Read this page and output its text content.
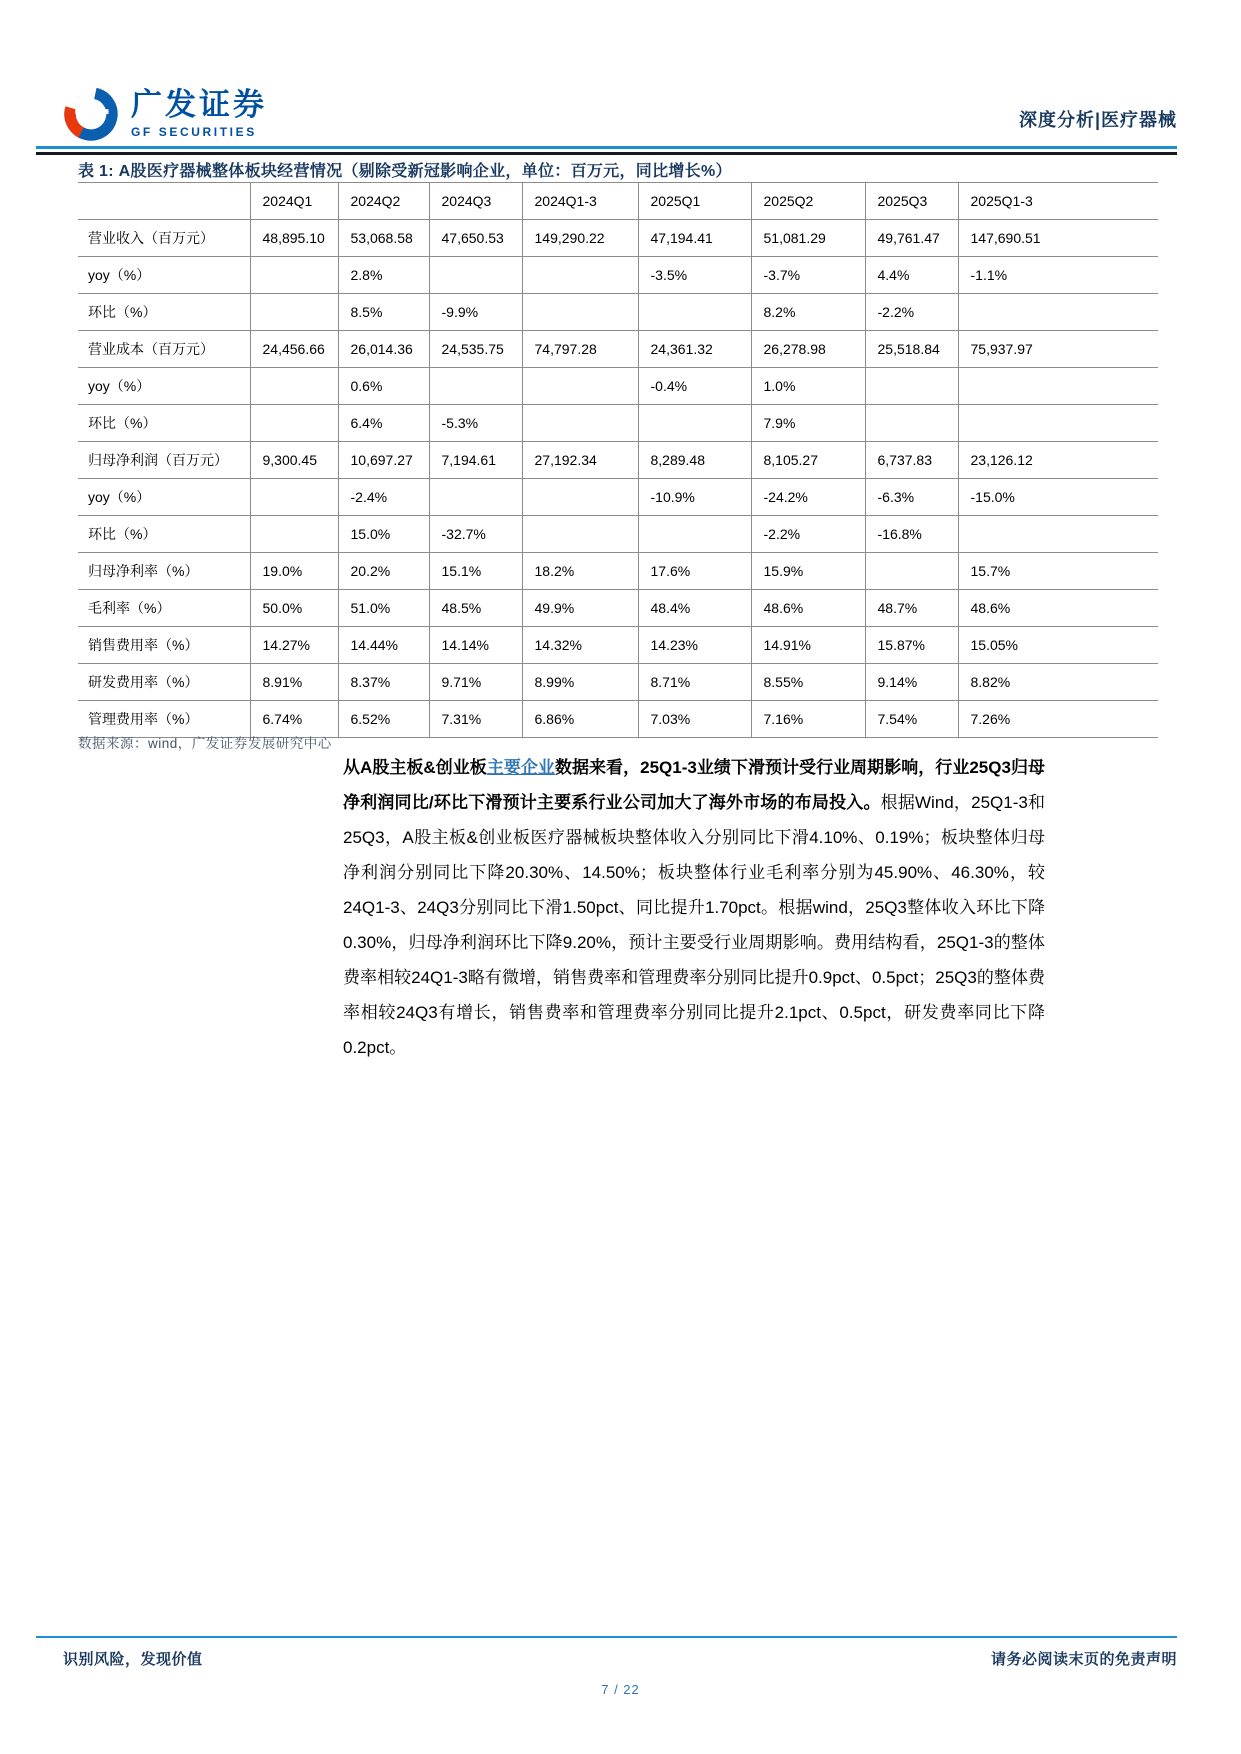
广发证券
GF SECURITIES
深度分析|医疗器械
表 1: A股医疗器械整体板块经营情况（剔除受新冠影响企业，单位：百万元，同比增长%）
	2024Q1	2024Q2	2024Q3	2024Q1-3	2025Q1	2025Q2	2025Q3	2025Q1-3
营业收入（百万元）	48,895.10	53,068.58	47,650.53	149,290.22	47,194.41	51,081.29	49,761.47	147,690.51
yoy（%）		2.8%			-3.5%	-3.7%	4.4%	-1.1%
环比（%）		8.5%	-9.9%			8.2%	-2.2%	
营业成本（百万元）	24,456.66	26,014.36	24,535.75	74,797.28	24,361.32	26,278.98	25,518.84	75,937.97
yoy（%）		0.6%			-0.4%	1.0%		
环比（%）		6.4%	-5.3%			7.9%		
归母净利润（百万元）	9,300.45	10,697.27	7,194.61	27,192.34	8,289.48	8,105.27	6,737.83	23,126.12
yoy（%）		-2.4%			-10.9%	-24.2%	-6.3%	-15.0%
环比（%）		15.0%	-32.7%			-2.2%	-16.8%	
归母净利率（%）	19.0%	20.2%	15.1%	18.2%	17.6%	15.9%		15.7%
毛利率（%）	50.0%	51.0%	48.5%	49.9%	48.4%	48.6%	48.7%	48.6%
销售费用率（%）	14.27%	14.44%	14.14%	14.32%	14.23%	14.91%	15.87%	15.05%
研发费用率（%）	8.91%	8.37%	9.71%	8.99%	8.71%	8.55%	9.14%	8.82%
管理费用率（%）	6.74%	6.52%	7.31%	6.86%	7.03%	7.16%	7.54%	7.26%
数据来源：wind，广发证券发展研究中心
从A股主板&创业板主要企业数据来看，25Q1-3业绩下滑预计受行业周期影响，行业25Q3归母净利润同比/环比下滑预计主要系行业公司加大了海外市场的布局投入。根据Wind，25Q1-3和25Q3，A股主板&创业板医疗器械板块整体收入分别同比下滑4.10%、0.19%；板块整体归母净利润分别同比下降20.30%、14.50%；板块整体行业毛利率分别为45.90%、46.30%，较24Q1-3、24Q3分别同比下滑1.50pct、同比提升1.70pct。根据wind，25Q3整体收入环比下降0.30%，归母净利润环比下降9.20%，预计主要受行业周期影响。费用结构看，25Q1-3的整体费率相较24Q1-3略有微增，销售费率和管理费率分别同比提升0.9pct、0.5pct；25Q3的整体费率相较24Q3有增长，销售费率和管理费率分别同比提升2.1pct、0.5pct，研发费率同比下降0.2pct。
识别风险，发现价值	请务必阅读末页的免责声明
7 / 22
